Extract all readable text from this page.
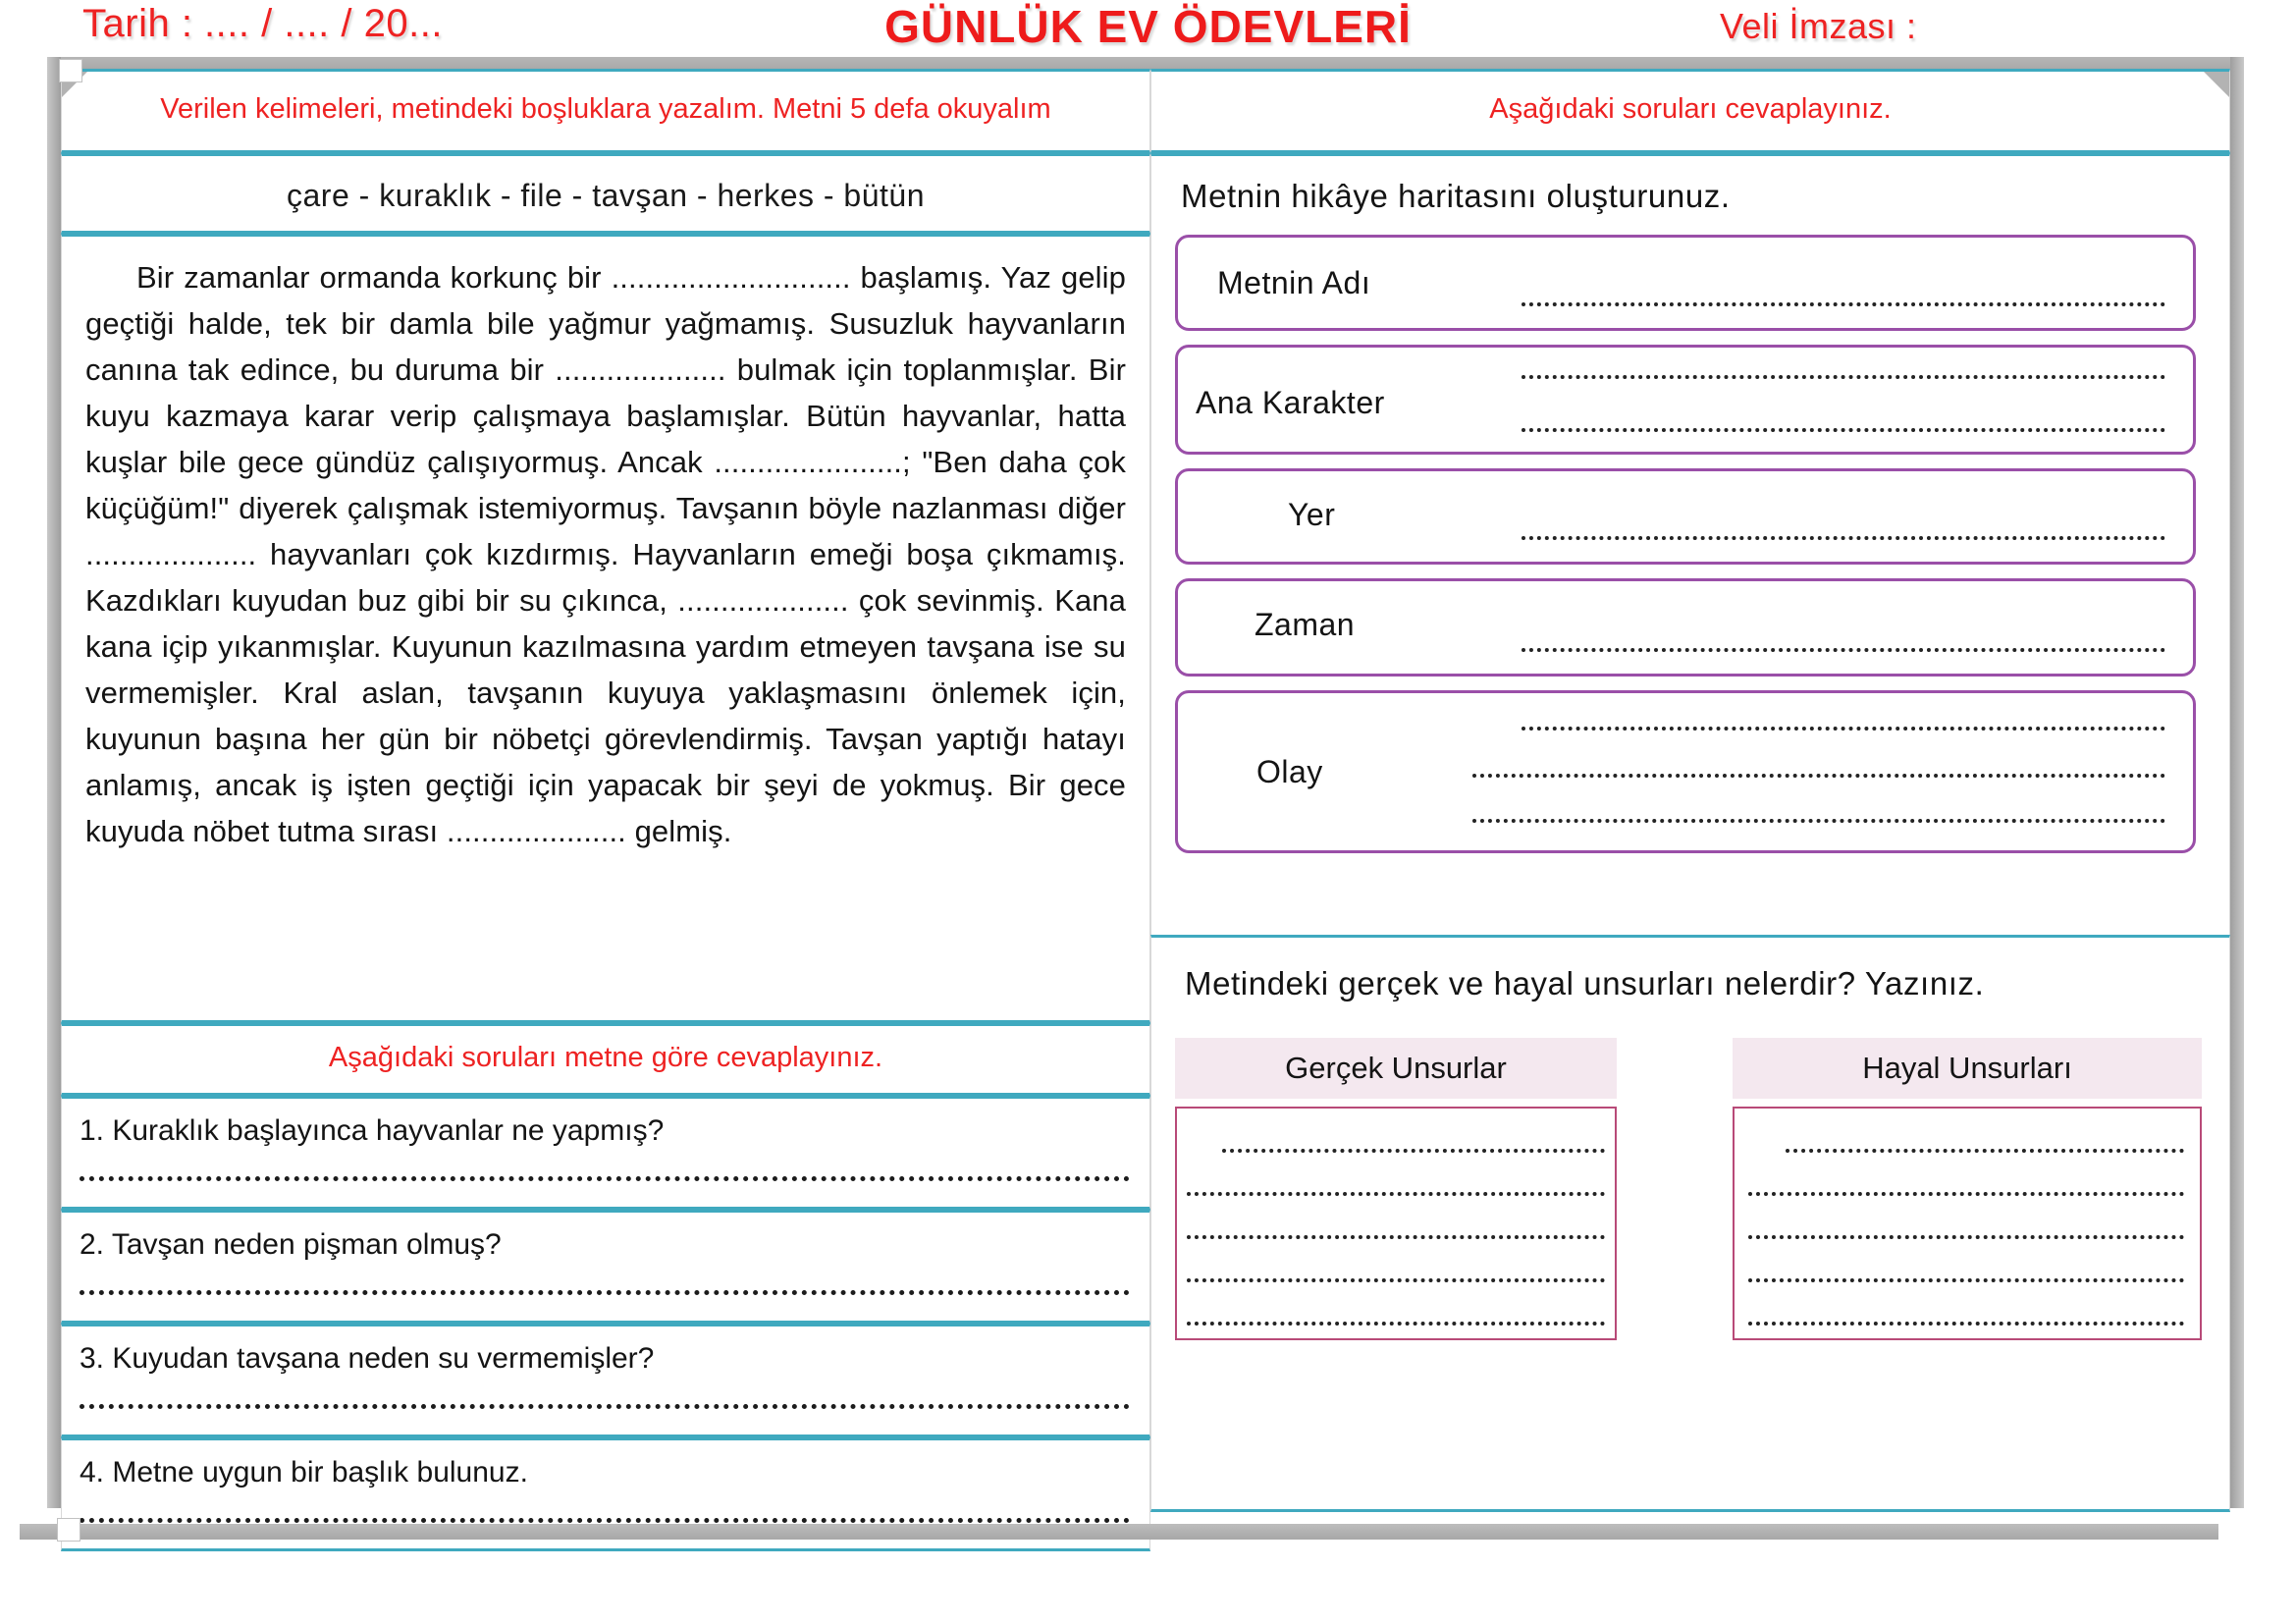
Tarih : .... / .... / 20...	GÜNLÜK EV ÖDEVLERİ	Veli İmzası :
Verilen kelimeleri, metindeki boşluklara yazalım. Metni 5 defa okuyalım
çare - kuraklık - file - tavşan - herkes - bütün
Bir zamanlar ormanda korkunç bir ............................ başlamış. Yaz gelip geçtiği halde, tek bir damla bile yağmur yağmamış. Susuzluk hayvanların canına tak edince, bu duruma bir .................... bulmak için toplanmışlar. Bir kuyu kazmaya karar verip çalışmaya başlamışlar. Bütün hayvanlar, hatta kuşlar bile gece gündüz çalışıyormuş. Ancak ......................; "Ben daha çok küçüğüm!" diyerek çalışmak istemiyormuş. Tavşanın böyle nazlanması diğer .................... hayvanları çok kızdırmış. Hayvanların emeği boşa çıkmamış. Kazdıkları kuyudan buz gibi bir su çıkınca, .................... çok sevinmiş. Kana kana içip yıkanmışlar. Kuyunun kazılmasına yardım etmeyen tavşana ise su vermemişler. Kral aslan, tavşanın kuyuya yaklaşmasını önlemek için, kuyunun başına her gün bir nöbetçi görevlendirmiş. Tavşan yaptığı hatayı anlamış, ancak iş işten geçtiği için yapacak bir şeyi de yokmuş. Bir gece kuyuda nöbet tutma sırası ..................... gelmiş.
Aşağıdaki soruları metne göre cevaplayınız.
1. Kuraklık başlayınca hayvanlar ne yapmış?
2. Tavşan neden pişman olmuş?
3. Kuyudan tavşana neden su vermemişler?
4. Metne uygun bir başlık bulunuz.
Aşağıdaki soruları cevaplayınız.
Metnin hikâye haritasını oluşturunuz.
Metnin Adı
Ana Karakter
Yer
Zaman
Olay
Metindeki gerçek ve hayal unsurları nelerdir? Yazınız.
Gerçek Unsurlar	Hayal Unsurları
